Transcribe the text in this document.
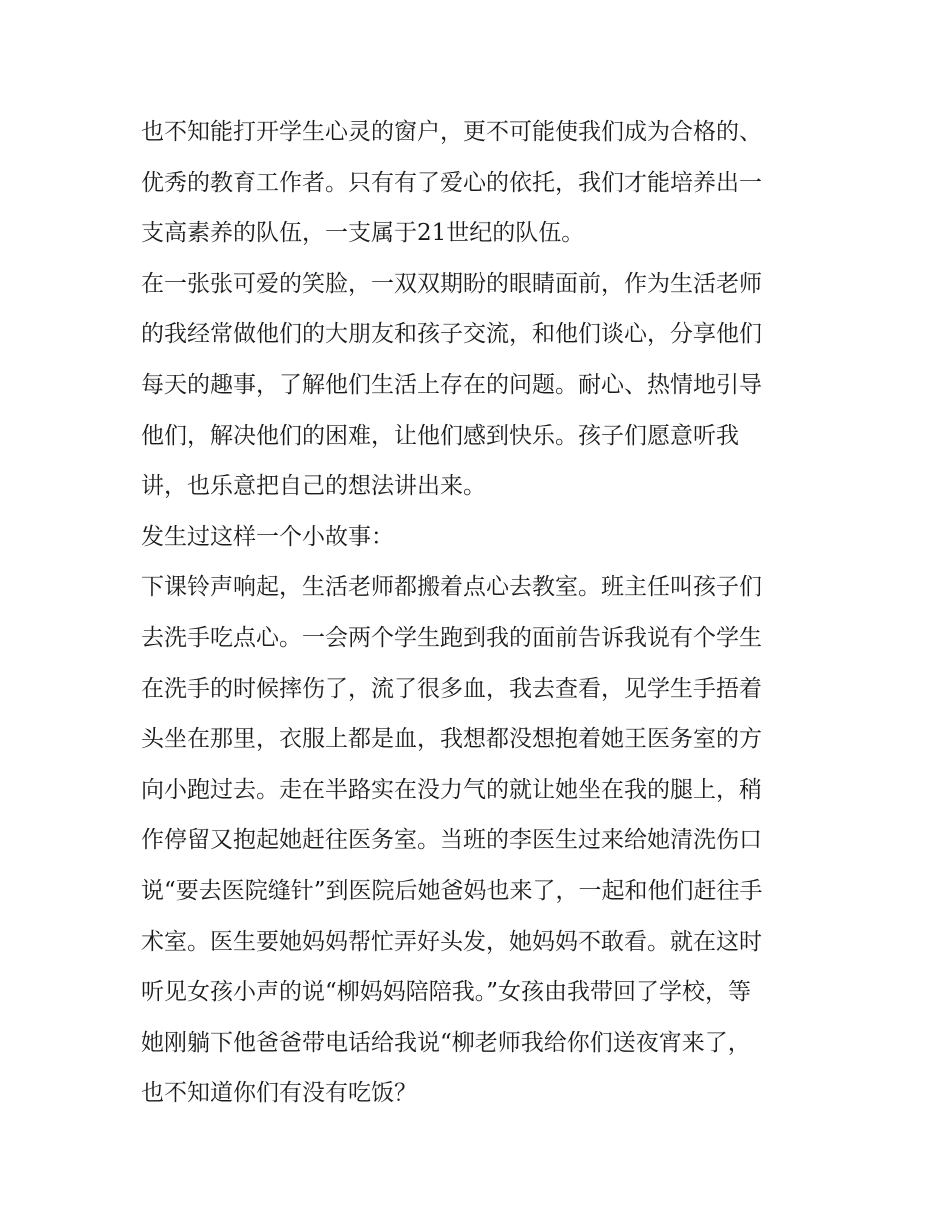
也不知能打开学生心灵的窗户，更不可能使我们成为合格的、
优秀的教育工作者。只有有了爱心的依托，我们才能培养出一
支高素养的队伍，一支属于21世纪的队伍。
在一张张可爱的笑脸，一双双期盼的眼睛面前，作为生活老师
的我经常做他们的大朋友和孩子交流，和他们谈心，分享他们
每天的趣事，了解他们生活上存在的问题。耐心、热情地引导
他们，解决他们的困难，让他们感到快乐。孩子们愿意听我
讲，也乐意把自己的想法讲出来。
发生过这样一个小故事：
下课铃声响起，生活老师都搬着点心去教室。班主任叫孩子们
去洗手吃点心。一会两个学生跑到我的面前告诉我说有个学生
在洗手的时候摔伤了，流了很多血，我去查看，见学生手捂着
头坐在那里，衣服上都是血，我想都没想抱着她王医务室的方
向小跑过去。走在半路实在没力气的就让她坐在我的腿上，稍
作停留又抱起她赶往医务室。当班的李医生过来给她清洗伤口
说“要去医院缝针”到医院后她爸妈也来了，一起和他们赶往手
术室。医生要她妈妈帮忙弄好头发，她妈妈不敢看。就在这时
听见女孩小声的说“柳妈妈陪陪我。”女孩由我带回了学校，等
她刚躺下他爸爸带电话给我说“柳老师我给你们送夜宵来了，
也不知道你们有没有吃饭？
